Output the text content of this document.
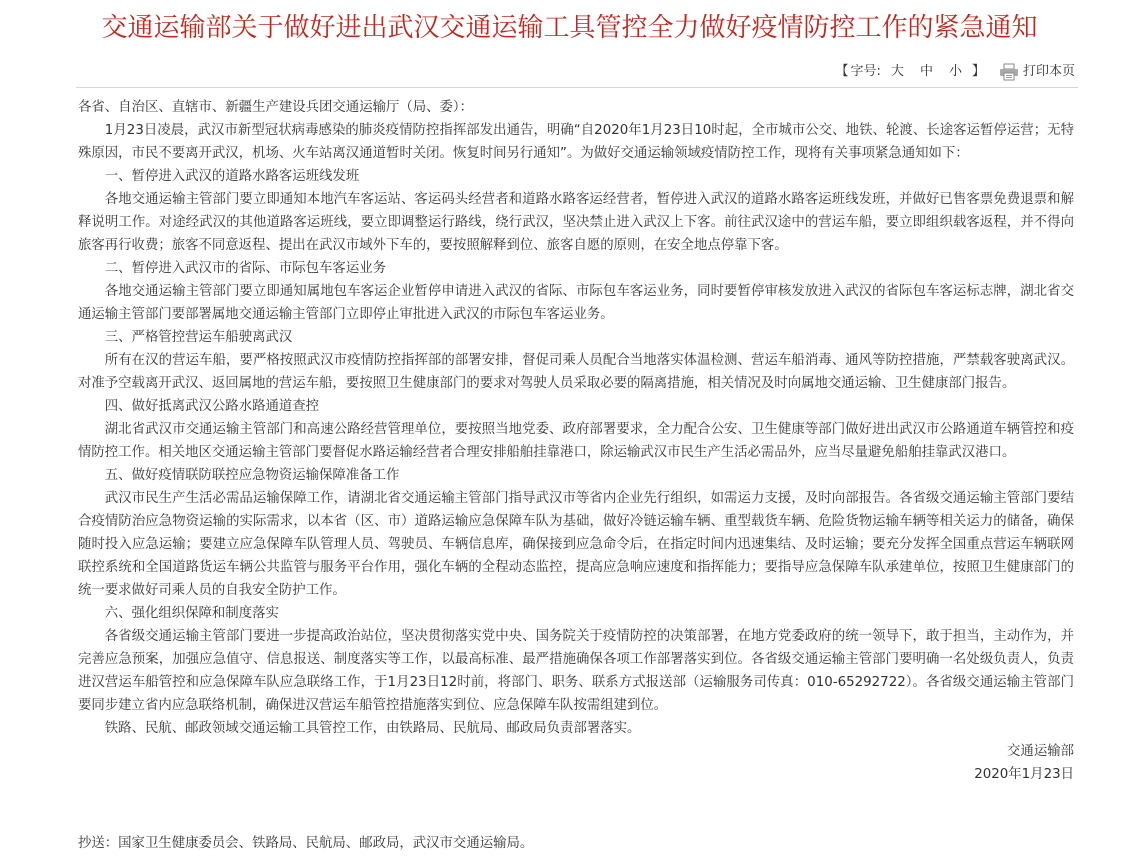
交通运输部关于做好进出武汉交通运输工具管控全力做好疫情防控工作的紧急通知
【 字号: 大 中 小 】	打印本页

各省、自治区、直辖市、新疆生产建设兵团交通运输厅（局、委）：

1月23日凌晨，武汉市新型冠状病毒感染的肺炎疫情防控指挥部发出通告，明确“自2020年1月23日10时起，全市城市公交、地铁、轮渡、长途客运暂停运营；无特殊原因，市民不要离开武汉，机场、火车站离汉通道暂时关闭。恢复时间另行通知”。为做好交通运输领域疫情防控工作，现将有关事项紧急通知如下：

一、暂停进入武汉的道路水路客运班线发班

各地交通运输主管部门要立即通知本地汽车客运站、客运码头经营者和道路水路客运经营者，暂停进入武汉的道路水路客运班线发班，并做好已售客票免费退票和解释说明工作。对途经武汉的其他道路客运班线，要立即调整运行路线，绕行武汉，坚决禁止进入武汉上下客。前往武汉途中的营运车船，要立即组织载客返程，并不得向旅客再行收费；旅客不同意返程、提出在武汉市域外下车的，要按照解释到位、旅客自愿的原则，在安全地点停靠下客。

二、暂停进入武汉市的省际、市际包车客运业务

各地交通运输主管部门要立即通知属地包车客运企业暂停申请进入武汉的省际、市际包车客运业务，同时要暂停审核发放进入武汉的省际包车客运标志牌，湖北省交通运输主管部门要部署属地交通运输主管部门立即停止审批进入武汉的市际包车客运业务。

三、严格管控营运车船驶离武汉

所有在汉的营运车船，要严格按照武汉市疫情防控指挥部的部署安排，督促司乘人员配合当地落实体温检测、营运车船消毒、通风等防控措施，严禁载客驶离武汉。对准予空载离开武汉、返回属地的营运车船，要按照卫生健康部门的要求对驾驶人员采取必要的隔离措施，相关情况及时向属地交通运输、卫生健康部门报告。

四、做好抵离武汉公路水路通道查控

湖北省武汉市交通运输主管部门和高速公路经营管理单位，要按照当地党委、政府部署要求，全力配合公安、卫生健康等部门做好进出武汉市公路通道车辆管控和疫情防控工作。相关地区交通运输主管部门要督促水路运输经营者合理安排船舶挂靠港口，除运输武汉市民生产生活必需品外，应当尽量避免船舶挂靠武汉港口。

五、做好疫情联防联控应急物资运输保障准备工作

武汉市民生产生活必需品运输保障工作，请湖北省交通运输主管部门指导武汉市等省内企业先行组织，如需运力支援，及时向部报告。各省级交通运输主管部门要结合疫情防治应急物资运输的实际需求，以本省（区、市）道路运输应急保障车队为基础，做好冷链运输车辆、重型载货车辆、危险货物运输车辆等相关运力的储备，确保随时投入应急运输；要建立应急保障车队管理人员、驾驶员、车辆信息库，确保接到应急命令后，在指定时间内迅速集结、及时运输；要充分发挥全国重点营运车辆联网联控系统和全国道路货运车辆公共监管与服务平台作用，强化车辆的全程动态监控，提高应急响应速度和指挥能力；要指导应急保障车队承建单位，按照卫生健康部门的统一要求做好司乘人员的自我安全防护工作。

六、强化组织保障和制度落实

各省级交通运输主管部门要进一步提高政治站位，坚决贯彻落实党中央、国务院关于疫情防控的决策部署，在地方党委政府的统一领导下，敢于担当，主动作为，并完善应急预案，加强应急值守、信息报送、制度落实等工作，以最高标准、最严措施确保各项工作部署落实到位。各省级交通运输主管部门要明确一名处级负责人，负责进汉营运车船管控和应急保障车队应急联络工作，于1月23日12时前，将部门、职务、联系方式报送部（运输服务司传真：010-65292722）。各省级交通运输主管部门要同步建立省内应急联络机制，确保进汉营运车船管控措施落实到位、应急保障车队按需组建到位。

铁路、民航、邮政领域交通运输工具管控工作，由铁路局、民航局、邮政局负责部署落实。

交通运输部

2020年1月23日

抄送：国家卫生健康委员会、铁路局、民航局、邮政局，武汉市交通运输局。
